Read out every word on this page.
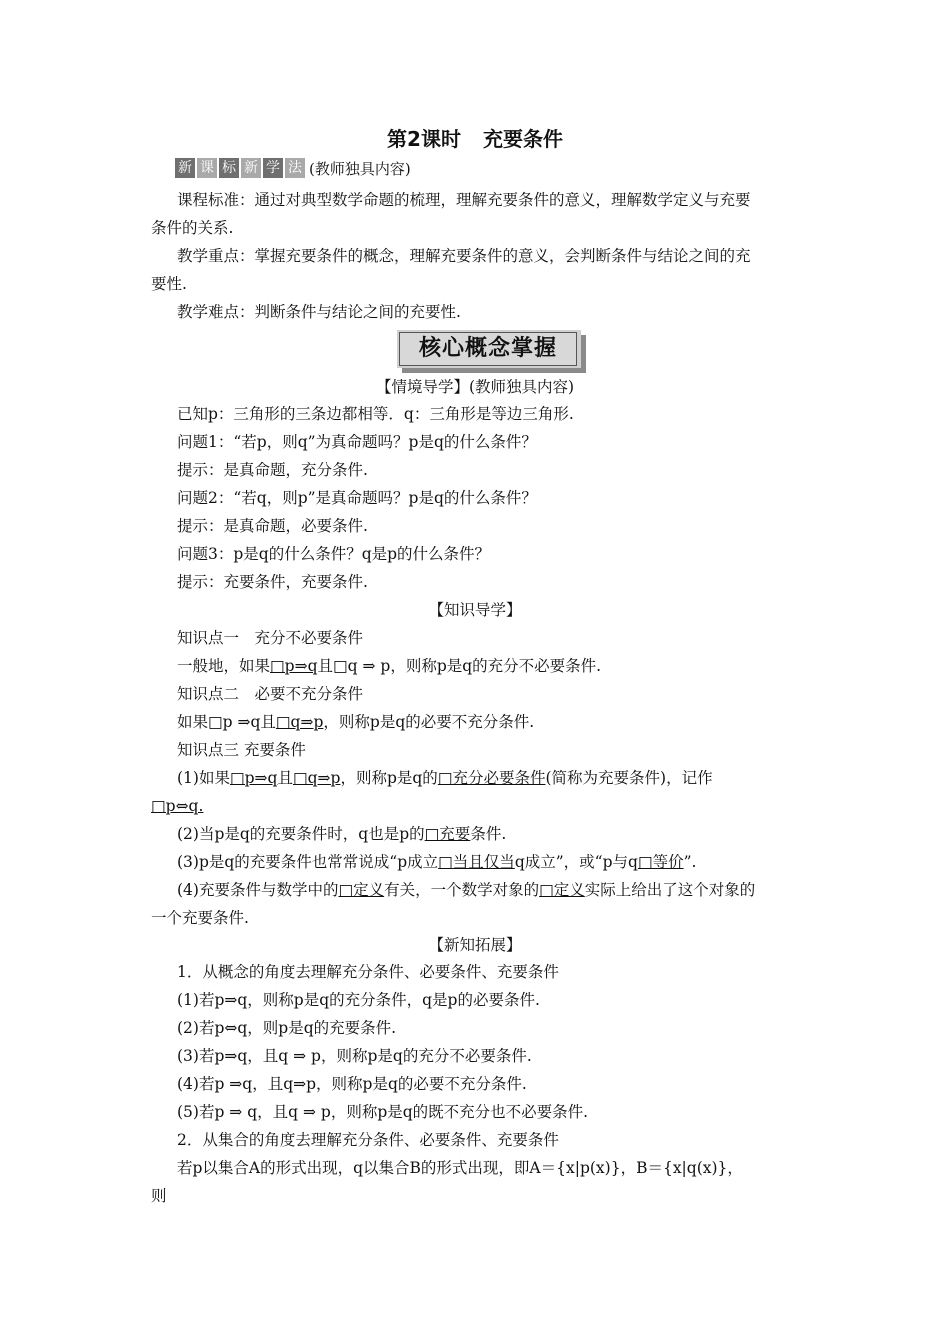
第2课时 充要条件
新 课 标 新 学 法 (教师独具内容)
课程标准：通过对典型数学命题的梳理，理解充要条件的意义，理解数学定义与充要
条件的关系.
教学重点：掌握充要条件的概念，理解充要条件的意义，会判断条件与结论之间的充
要性.
教学难点：判断条件与结论之间的充要性.
核心概念掌握
【情境导学】(教师独具内容)
已知p：三角形的三条边都相等．q：三角形是等边三角形.
问题1：“若p，则q”为真命题吗？p是q的什么条件？
提示：是真命题，充分条件.
问题2：“若q，则p”是真命题吗？p是q的什么条件？
提示：是真命题，必要条件.
问题3：p是q的什么条件？q是p的什么条件？
提示：充要条件，充要条件.
【知识导学】
知识点一　充分不必要条件
一般地，如果□p⇒q且□q ⇒ p，则称p是q的充分不必要条件.
知识点二　必要不充分条件
如果□p ⇒q且□q⇒p，则称p是q的必要不充分条件.
知识点三 充要条件
(1)如果□p⇒q且□q⇒p，则称p是q的□充分必要条件(简称为充要条件)，记作
□p⇔q.
(2)当p是q的充要条件时，q也是p的□充要条件.
(3)p是q的充要条件也常常说成“p成立□当且仅当q成立”，或“p与q□等价”.
(4)充要条件与数学中的□定义有关，一个数学对象的□定义实际上给出了这个对象的
一个充要条件.
【新知拓展】
1．从概念的角度去理解充分条件、必要条件、充要条件
(1)若p⇒q，则称p是q的充分条件，q是p的必要条件.
(2)若p⇔q，则p是q的充要条件.
(3)若p⇒q，且q ⇒ p，则称p是q的充分不必要条件.
(4)若p ⇒q，且q⇒p，则称p是q的必要不充分条件.
(5)若p ⇒ q，且q ⇒ p，则称p是q的既不充分也不必要条件.
2．从集合的角度去理解充分条件、必要条件、充要条件
若p以集合A的形式出现，q以集合B的形式出现，即A＝{x|p(x)}，B＝{x|q(x)}，
则
